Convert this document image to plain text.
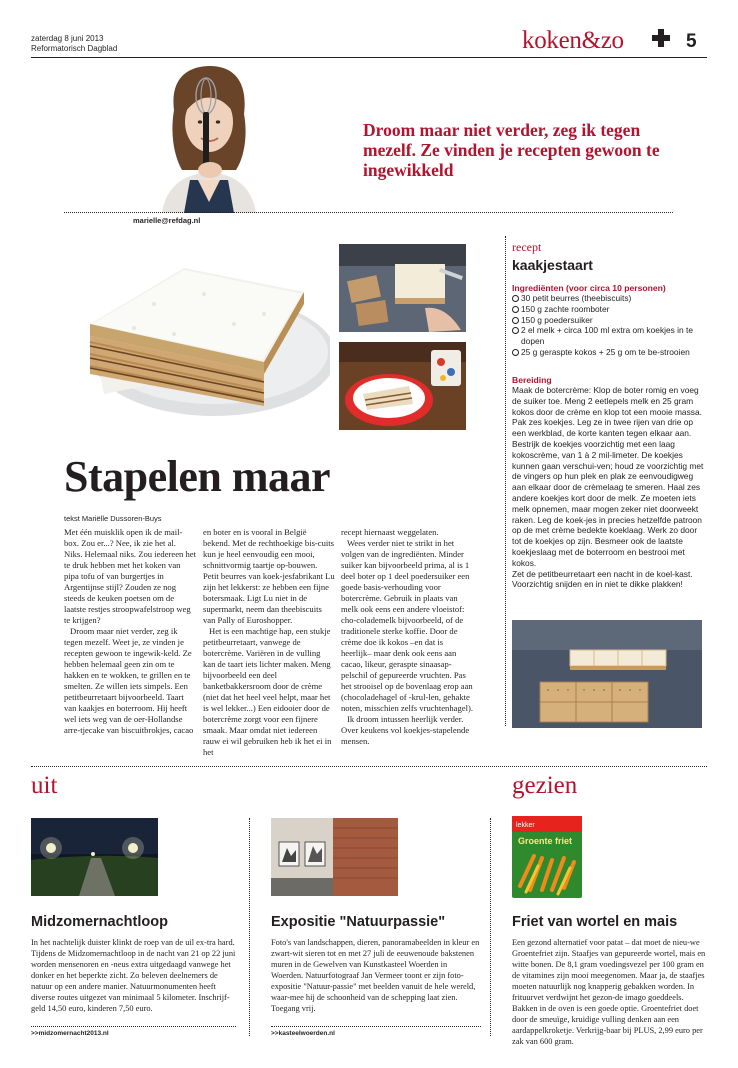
zaterdag 8 juni 2013
Reformatorisch Dagblad	koken&zo	5
Droom maar niet verder, zeg ik tegen mezelf. Ze vinden je recepten gewoon te ingewikkeld
marielle@refdag.nl
Stapelen maar
tekst Mariëlle Dussoren-Buys

Met één muisklik open ik de mail-box. Zou er...? Nee, ik zie het al. Niks. Helemaal niks. Zou iedereen het te druk hebben met het koken van pipa tofu of van burgertjes in Argentijnse stijl? Zouden ze nog steeds de keuken poetsen om de laatste restjes stroopwafelstroop weg te krijgen?

Droom maar niet verder, zeg ik tegen mezelf. Weet je, ze vinden je recepten gewoon te ingewik-keld. Ze hebben helemaal geen zin om te hakken en te wokken, te grillen en te smelten. Ze willen iets simpels. Een petitbeurretaart bijvoorbeeld. Taart van kaakjes en boterroom. Hij heeft wel iets weg van de oer-Hollandse arre-tjecake van biscuitbrokjes, cacao

en boter en is vooral in België bekend. Met de rechthoekige bis-cuits kun je heel eenvoudig een mooi, schnittvormig taartje op-bouwen. Petit beurres van koek-jesfabrikant Lu zijn het lekkerst: ze hebben een fijne botersmaak. Ligt Lu niet in de supermarkt, neem dan theebiscuits van Pally of Euroshopper.

Het is een machtige hap, een stukje petitbeurretaart, vanwege de botercrème. Variëren in de vulling kan de taart iets lichter maken. Meng bijvoorbeeld een deel banketbakkersroom door de crème (niet dat het heel veel helpt, maar het is wel lekker...) Een eidooier door de botercrème zorgt voor een fijnere smaak. Maar omdat niet iedereen rauw ei wil gebruiken heb ik het ei in het

recept hiernaast weggelaten.

Wees verder niet te strikt in het volgen van de ingrediënten. Minder suiker kan bijvoorbeeld prima, al is 1 deel boter op 1 deel poedersuiker een goede basis-verhouding voor botercrème. Gebruik in plaats van melk ook eens een andere vloeistof: cho-colademelk bijvoorbeeld, of de traditionele sterke koffie. Door de crème doe ik kokos –en dat is heerlijk– maar denk ook eens aan cacao, likeur, geraspte sinaasap-pelschil of gepureerde vruchten. Pas het strooisel op de bovenlaag erop aan (chocoladehagel of -krul-len, gehakte noten, misschien zelfs vruchtenhagel).

Ik droom intussen heerlijk verder. Over keukens vol koekjes-stapelende mensen.

recept
kaakjestaart
Ingrediënten (voor circa 10 personen)
30 petit beurres (theebiscuits)
150 g zachte roomboter
150 g poedersuiker
2 el melk + circa 100 ml extra om koekjes in te dopen
25 g geraspte kokos + 25 g om te be-strooien
Bereiding
Maak de botercrème: Klop de boter romig en voeg de suiker toe. Meng 2 eetlepels melk en 25 gram kokos door de crème en klop tot een mooie massa.
Pak zes koekjes. Leg ze in twee rijen van drie op een werkblad, de korte kanten tegen elkaar aan. Bestrijk de koekjes voorzichtig met een laag kokoscrème, van 1 à 2 mil-limeter. De koekjes kunnen gaan verschui-ven; houd ze voorzichtig met de vingers op hun plek en plak ze eenvoudigweg aan elkaar door de crèmelaag te smeren. Haal zes andere koekjes kort door de melk. Ze moeten iets melk opnemen, maar mogen zeker niet doorweekt raken. Leg de koek-jes in precies hetzelfde patroon op de met crème bedekte koeklaag. Werk zo door tot de koekjes op zijn. Besmeer ook de laatste koekjeslaag met de boterroom en bestrooi met kokos.
Zet de petitbeurretaart een nacht in de koel-kast. Voorzichtig snijden en in niet te dikke plakken!
uit	gezien
Midzomernachtloop
In het nachtelijk duister klinkt de roep van de uil ex-tra hard. Tijdens de Midzomernachtloop in de nacht van 21 op 22 juni worden mensenoren en -neus extra uitgedaagd vanwege het donker en het beperkte zicht. Zo beleven deelnemers de natuur op een andere manier. Natuurmonumenten heeft diverse routes uitgezet van minimaal 5 kilometer. Inschrijf-geld 14,50 euro, kinderen 7,50 euro.
>>midzomernacht2013.nl
Expositie "Natuurpassie"
Foto's van landschappen, dieren, panoramabeelden in kleur en zwart-wit sieren tot en met 27 juli de eeuwenoude bakstenen muren in de Gewelven van Kunstkasteel Woerden in Woerden. Natuurfotograaf Jan Vermeer toont er zijn foto-expositie "Natuur-passie" met beelden vanuit de hele wereld, waar-mee hij de schoonheid van de schepping laat zien. Toegang vrij.
>>kasteelwoerden.nl
lekker
Groente friet
Friet van wortel en mais
Een gezond alternatief voor patat – dat moet de nieu-we Groentefriet zijn. Staafjes van gepureerde wortel, mais en witte bonen. De 8,1 gram voedingsvezel per 100 gram en de vitamines zijn mooi meegenomen. Maar ja, de staafjes moeten natuurlijk nog knapperig gebakken worden. In frituurvet verdwijnt het gezon-de imago goeddeels. Bakken in de oven is een goede optie. Groentefriet doet door de smeuïge, kruidige vulling denken aan een aardappelkroketje. Verkrijg-baar bij PLUS, 2,99 euro per zak van 600 gram.
